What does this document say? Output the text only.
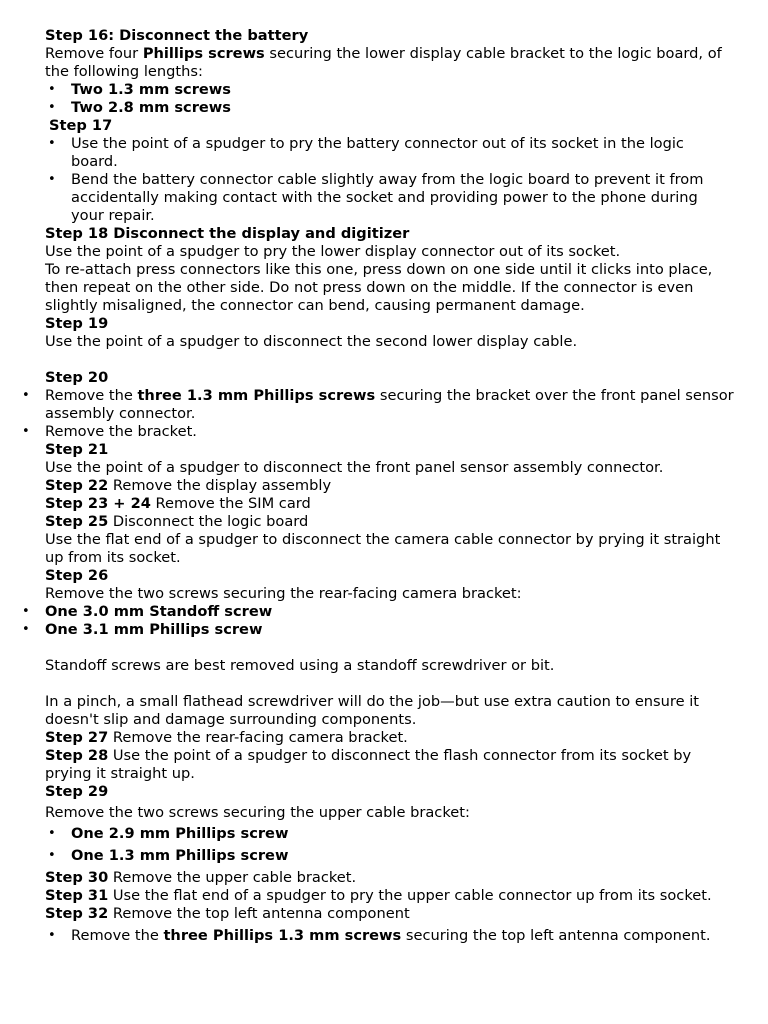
Step 16: Disconnect the battery
Remove four Phillips screws securing the lower display cable bracket to the logic board, of the following lengths:
• Two 1.3 mm screws
• Two 2.8 mm screws
Step 17
• Use the point of a spudger to pry the battery connector out of its socket in the logic board.
• Bend the battery connector cable slightly away from the logic board to prevent it from accidentally making contact with the socket and providing power to the phone during your repair.
Step 18 Disconnect the display and digitizer
Use the point of a spudger to pry the lower display connector out of its socket.
To re-attach press connectors like this one, press down on one side until it clicks into place, then repeat on the other side. Do not press down on the middle. If the connector is even slightly misaligned, the connector can bend, causing permanent damage.
Step 19
Use the point of a spudger to disconnect the second lower display cable.
Step 20
• Remove the three 1.3 mm Phillips screws securing the bracket over the front panel sensor assembly connector.
• Remove the bracket.
Step 21
Use the point of a spudger to disconnect the front panel sensor assembly connector.
Step 22 Remove the display assembly
Step 23 + 24 Remove the SIM card
Step 25 Disconnect the logic board
Use the flat end of a spudger to disconnect the camera cable connector by prying it straight up from its socket.
Step 26
Remove the two screws securing the rear-facing camera bracket:
• One 3.0 mm Standoff screw
• One 3.1 mm Phillips screw
Standoff screws are best removed using a standoff screwdriver or bit.
In a pinch, a small flathead screwdriver will do the job—but use extra caution to ensure it doesn't slip and damage surrounding components.
Step 27 Remove the rear-facing camera bracket.
Step 28 Use the point of a spudger to disconnect the flash connector from its socket by prying it straight up.
Step 29
Remove the two screws securing the upper cable bracket:
• One 2.9 mm Phillips screw
• One 1.3 mm Phillips screw
Step 30 Remove the upper cable bracket.
Step 31 Use the flat end of a spudger to pry the upper cable connector up from its socket.
Step 32 Remove the top left antenna component
• Remove the three Phillips 1.3 mm screws securing the top left antenna component.
